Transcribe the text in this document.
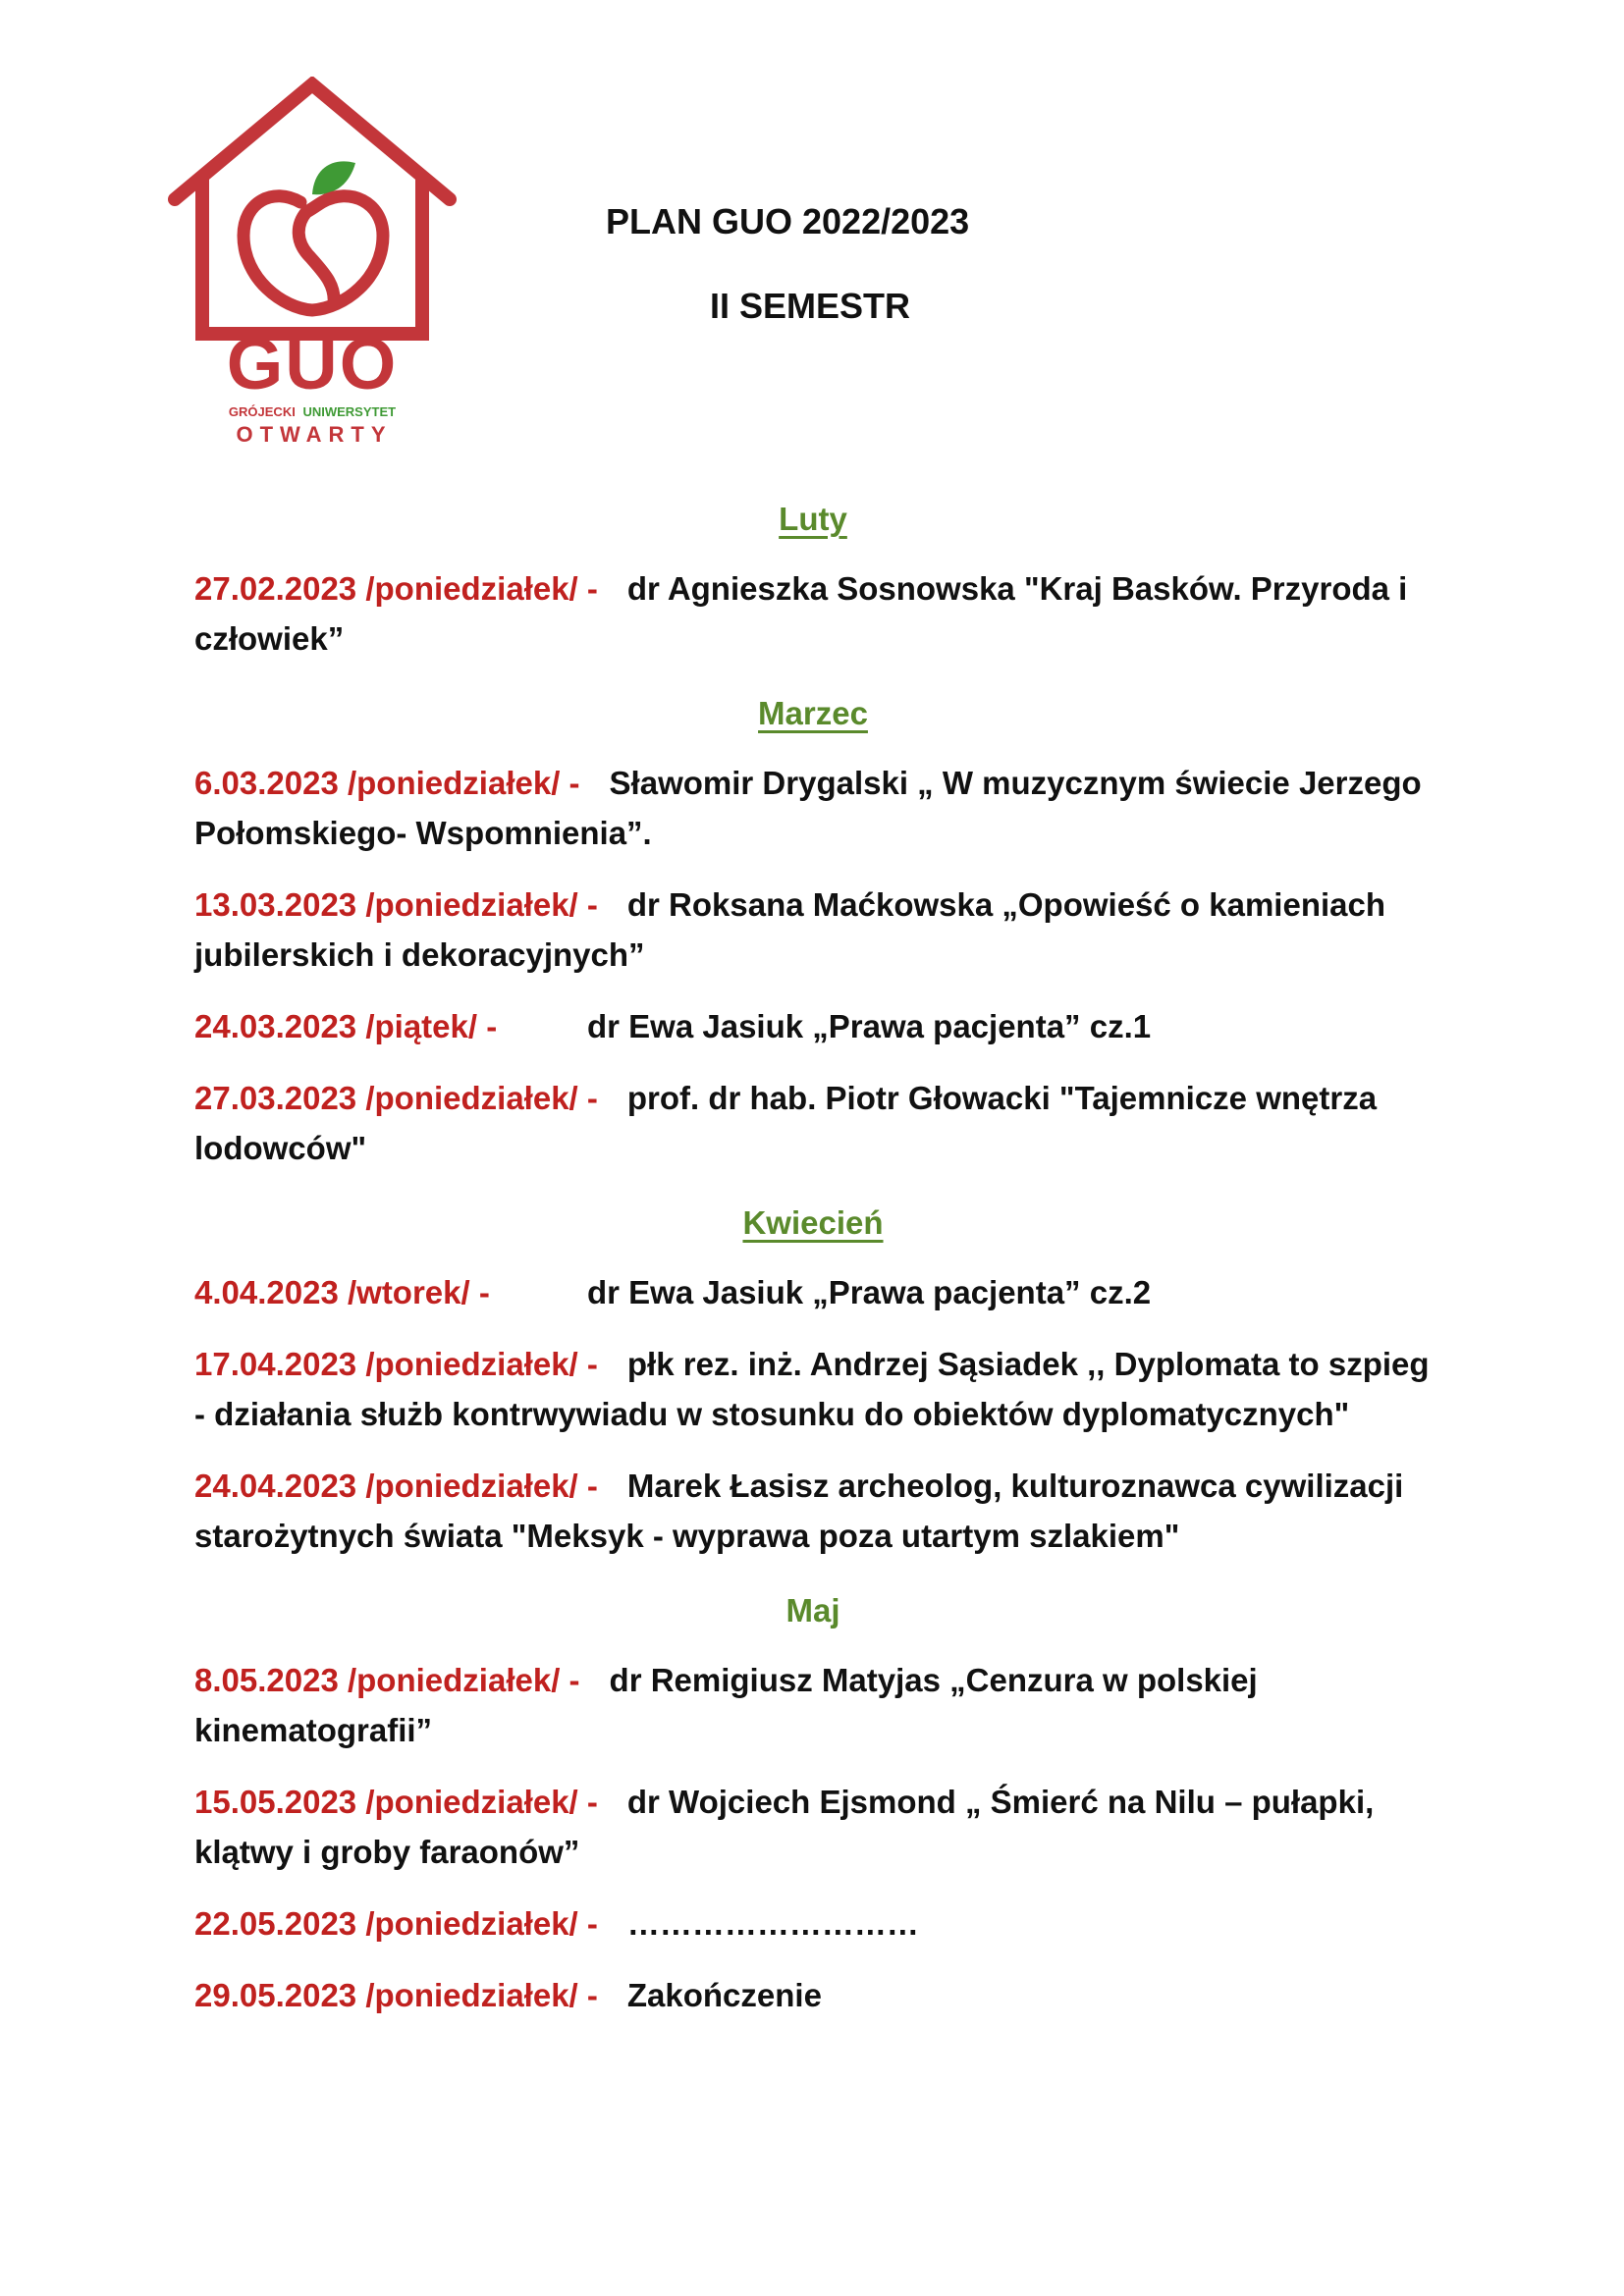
GUO
GRÓJECKI UNIWERSYTET
OTWARTY
PLAN GUO 2022/2023
II SEMESTR
Luty
27.02.2023 /poniedziałek/ - dr Agnieszka Sosnowska "Kraj Basków. Przyroda i człowiek”
Marzec
6.03.2023 /poniedziałek/ - Sławomir Drygalski „ W muzycznym świecie Jerzego Połomskiego- Wspomnienia”.
13.03.2023 /poniedziałek/ - dr Roksana Maćkowska „Opowieść o kamieniach jubilerskich i dekoracyjnych”
24.03.2023 /piątek/ -	dr Ewa Jasiuk „Prawa pacjenta” cz.1
27.03.2023 /poniedziałek/ - prof. dr hab. Piotr Głowacki "Tajemnicze wnętrza lodowców"
Kwiecień
4.04.2023 /wtorek/ -	dr Ewa Jasiuk „Prawa pacjenta” cz.2
17.04.2023 /poniedziałek/ - płk rez. inż. Andrzej Sąsiadek ,, Dyplomata to szpieg - działania służb kontrwywiadu w stosunku do obiektów dyplomatycznych"
24.04.2023 /poniedziałek/ - Marek Łasisz archeolog, kulturoznawca cywilizacji starożytnych świata "Meksyk - wyprawa poza utartym szlakiem"
Maj
8.05.2023 /poniedziałek/ - dr Remigiusz Matyjas „Cenzura w polskiej kinematografii”
15.05.2023 /poniedziałek/ - dr Wojciech Ejsmond „ Śmierć na Nilu – pułapki, klątwy i groby faraonów”
22.05.2023 /poniedziałek/ - ………………………
29.05.2023 /poniedziałek/ - Zakończenie
